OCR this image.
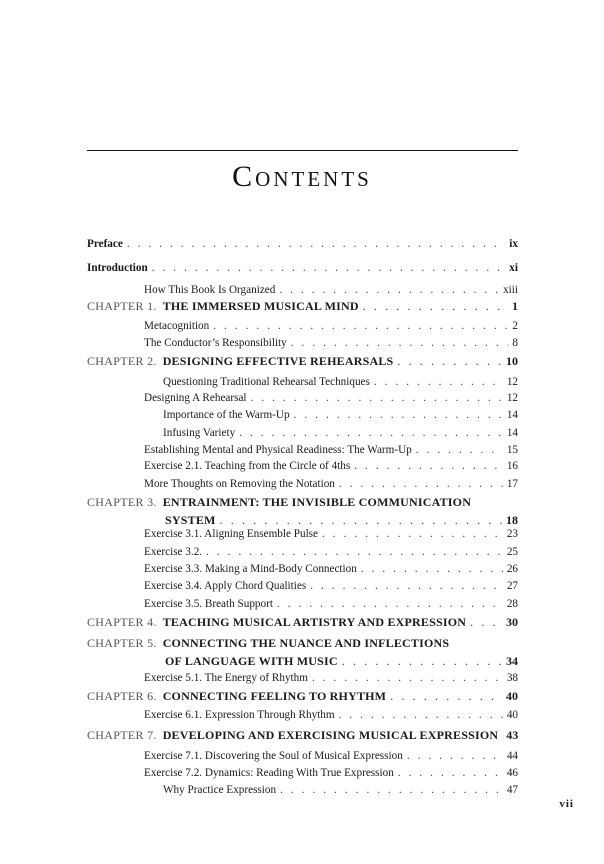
Contents
Preface . . .	ix
Introduction . . .	xi
How This Book Is Organized . . .	xiii
CHAPTER 1. THE IMMERSED MUSICAL MIND . . .	1
Metacognition . . .	2
The Conductor’s Responsibility . . .	8
CHAPTER 2. DESIGNING EFFECTIVE REHEARSALS . . .	10
Questioning Traditional Rehearsal Techniques . . .	12
Designing A Rehearsal . . .	12
Importance of the Warm-Up . . .	14
Infusing Variety . . .	14
Establishing Mental and Physical Readiness: The Warm-Up . . .	15
Exercise 2.1. Teaching from the Circle of 4ths . . .	16
More Thoughts on Removing the Notation . . .	17
CHAPTER 3. ENTRAINMENT: THE INVISIBLE COMMUNICATION
SYSTEM . . .	18
Exercise 3.1. Aligning Ensemble Pulse . . .	23
Exercise 3.2. . . .	25
Exercise 3.3. Making a Mind-Body Connection . . .	26
Exercise 3.4. Apply Chord Qualities . . .	27
Exercise 3.5. Breath Support . . .	28
CHAPTER 4. TEACHING MUSICAL ARTISTRY AND EXPRESSION . . .	30
CHAPTER 5. CONNECTING THE NUANCE AND INFLECTIONS
OF LANGUAGE WITH MUSIC . . .	34
Exercise 5.1. The Energy of Rhythm . . .	38
CHAPTER 6. CONNECTING FEELING TO RHYTHM . . .	40
Exercise 6.1. Expression Through Rhythm . . .	40
CHAPTER 7. DEVELOPING AND EXERCISING MUSICAL EXPRESSION 43
Exercise 7.1. Discovering the Soul of Musical Expression . . .	44
Exercise 7.2. Dynamics: Reading With True Expression . . .	46
Why Practice Expression . . .	47
vii
